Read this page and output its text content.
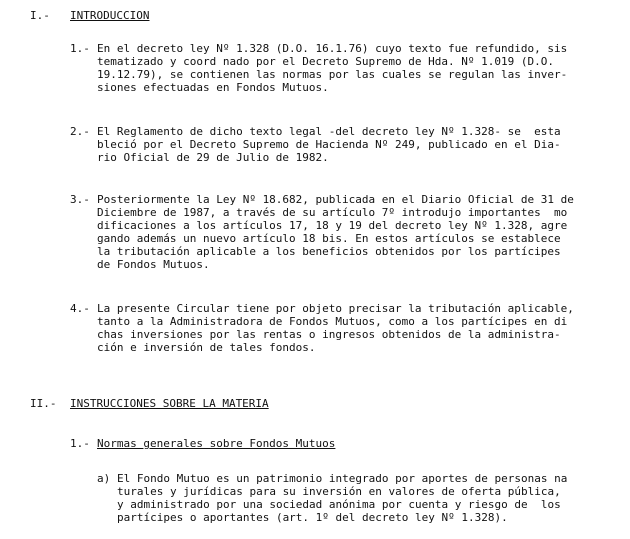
I.- INTRODUCCION
1.- En el decreto ley Nº 1.328 (D.O. 16.1.76) cuyo texto fue refundido, sis
tematizado y coord nado por el Decreto Supremo de Hda. Nº 1.019 (D.O.
19.12.79), se contienen las normas por las cuales se regulan las inver-
siones efectuadas en Fondos Mutuos.
2.- El Reglamento de dicho texto legal -del decreto ley Nº 1.328- se  esta
bleció por el Decreto Supremo de Hacienda Nº 249, publicado en el Dia-
rio Oficial de 29 de Julio de 1982.
3.- Posteriormente la Ley Nº 18.682, publicada en el Diario Oficial de 31 de
Diciembre de 1987, a través de su artículo 7º introdujo importantes  mo
dificaciones a los artículos 17, 18 y 19 del decreto ley Nº 1.328, agre
gando además un nuevo artículo 18 bis. En estos artículos se establece
la tributación aplicable a los beneficios obtenidos por los partícipes
de Fondos Mutuos.
4.- La presente Circular tiene por objeto precisar la tributación aplicable,
tanto a la Administradora de Fondos Mutuos, como a los partícipes en di
chas inversiones por las rentas o ingresos obtenidos de la administra-
ción e inversión de tales fondos.
II.- INSTRUCCIONES SOBRE LA MATERIA
1.- Normas generales sobre Fondos Mutuos
a) El Fondo Mutuo es un patrimonio integrado por aportes de personas na
turales y jurídicas para su inversión en valores de oferta pública,
y administrado por una sociedad anónima por cuenta y riesgo de  los
partícipes o aportantes (art. 1º del decreto ley Nº 1.328).
